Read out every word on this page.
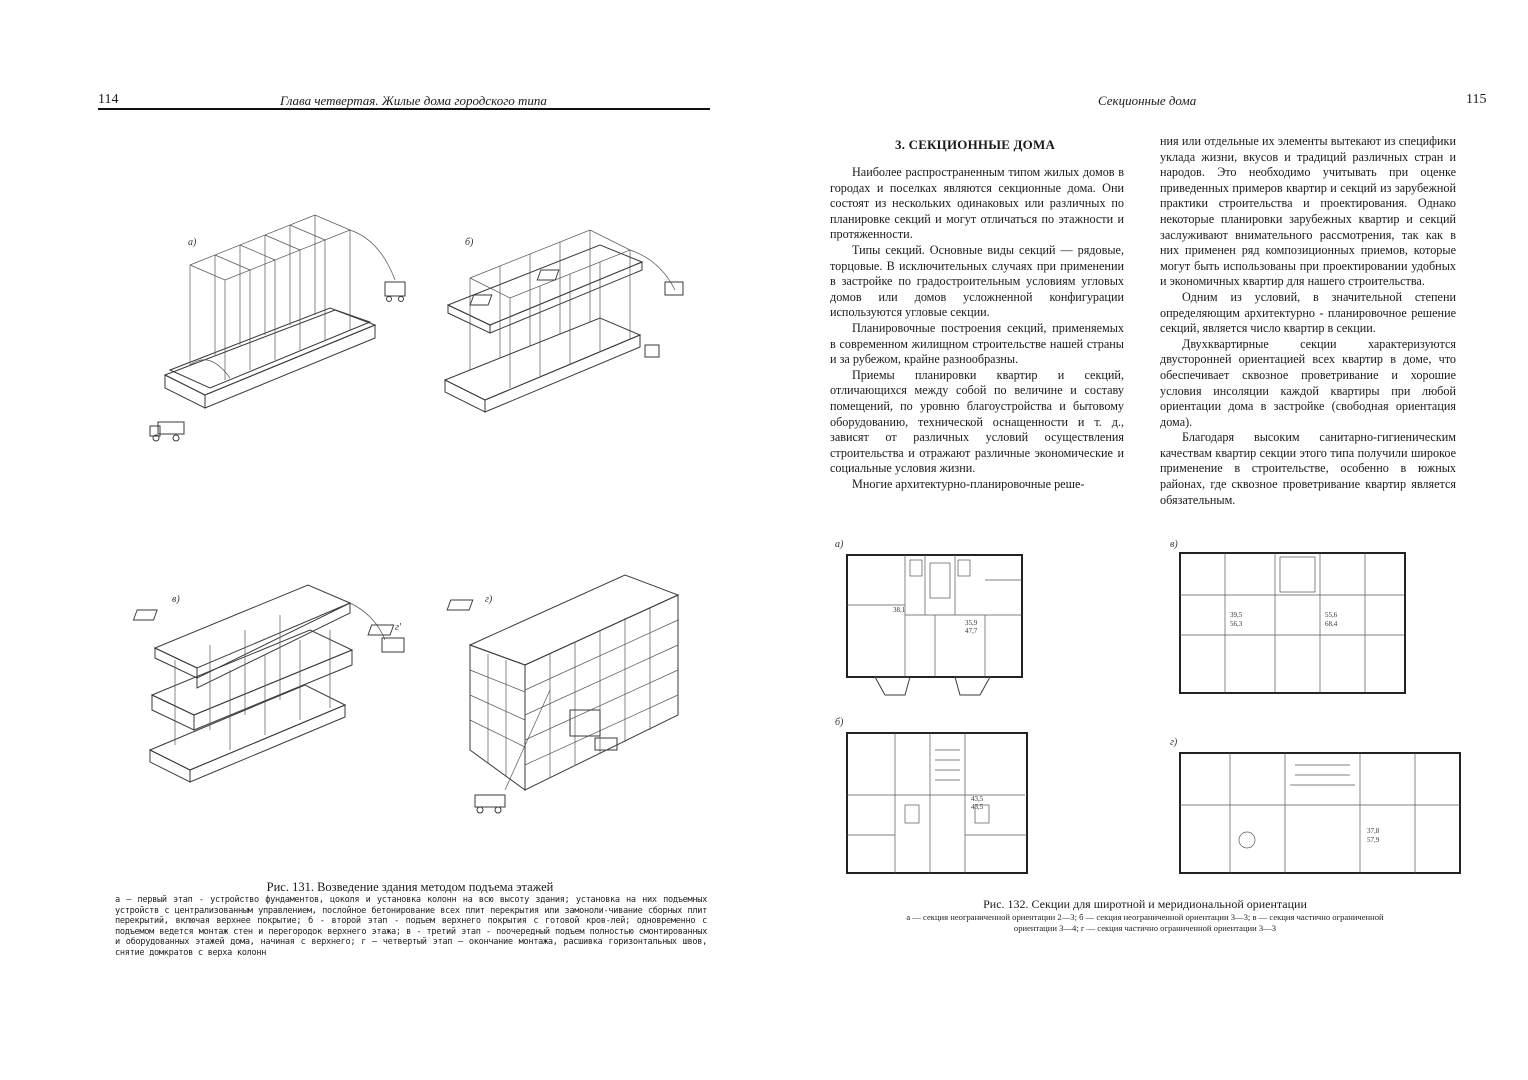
114	Глава четвертая. Жилые дома городского типа
а)	б)
в)
г'
г)
Рис. 131. Возведение здания методом подъема этажей
а — первый этап - устройство фундаментов, цоколя и установка колонн на всю высоту здания; установка на них подъемных устройств с централизованным управлением, послойное бетонирование всех плит перекрытия или замоноли-чивание сборных плит перекрытий, включая верхнее покрытие; б - второй этап - подъем верхнего покрытия с готовой кров-лей; одновременно с подъемом ведется монтаж стен и перегородок верхнего этажа; в - третий этап - поочередный подъем полностью смонтированных и оборудованных этажей дома, начиная с верхнего; г — четвертый этап — окончание монтажа, расшивка горизонтальных швов, снятие домкратов с верха колонн
Секционные дома	115
3. СЕКЦИОННЫЕ ДОМА

Наиболее распространенным типом жилых домов в городах и поселках являются секционные дома. Они состоят из нескольких одинаковых или различных по планировке секций и могут отличаться по этажности и протяженности.

Типы секций. Основные виды секций — рядовые, торцовые. В исключительных случаях при применении в застройке по градостроительным условиям угловых домов или домов усложненной конфигурации используются угловые секции.

Планировочные построения секций, применяемых в современном жилищном строительстве нашей страны и за рубежом, крайне разнообразны.

Приемы планировки квартир и секций, отличающихся между собой по величине и составу помещений, по уровню благоустройства и бытовому оборудованию, технической оснащенности и т. д., зависят от различных условий осуществления строительства и отражают различные экономические и социальные условия жизни.

Многие архитектурно-планировочные реше-

ния или отдельные их элементы вытекают из специфики уклада жизни, вкусов и традиций различных стран и народов. Это необходимо учитывать при оценке приведенных примеров квартир и секций из зарубежной практики строительства и проектирования. Однако некоторые планировки зарубежных квартир и секций заслуживают внимательного рассмотрения, так как в них применен ряд композиционных приемов, которые могут быть использованы при проектировании удобных и экономичных квартир для нашего строительства.

Одним из условий, в значительной степени определяющим архитектурно - планировочное решение секций, является число квартир в секции.

Двухквартирные секции характеризуются двусторонней ориентацией всех квартир в доме, что обеспечивает сквозное проветривание и хорошие условия инсоляции каждой квартиры при любой ориентации дома в застройке (свободная ориентация дома).

Благодаря высоким санитарно-гигиеническим качествам квартир секции этого типа получили широкое применение в строительстве, особенно в южных районах, где сквозное проветривание квартир является обязательным.

а)
38,1
47,7
35,9
б)
43,5
43,5
в)
39,5
56,3
55,6
68,4
г)
37,8
57,9
Рис. 132. Секции для широтной и меридиональной ориентации
а — секция неограниченной ориентации 2—3; б — секция неограниченной ориентации 3—3; в — секция частично ограниченной
ориентации 3—4; г — секция частично ограниченной ориентации 3—3
